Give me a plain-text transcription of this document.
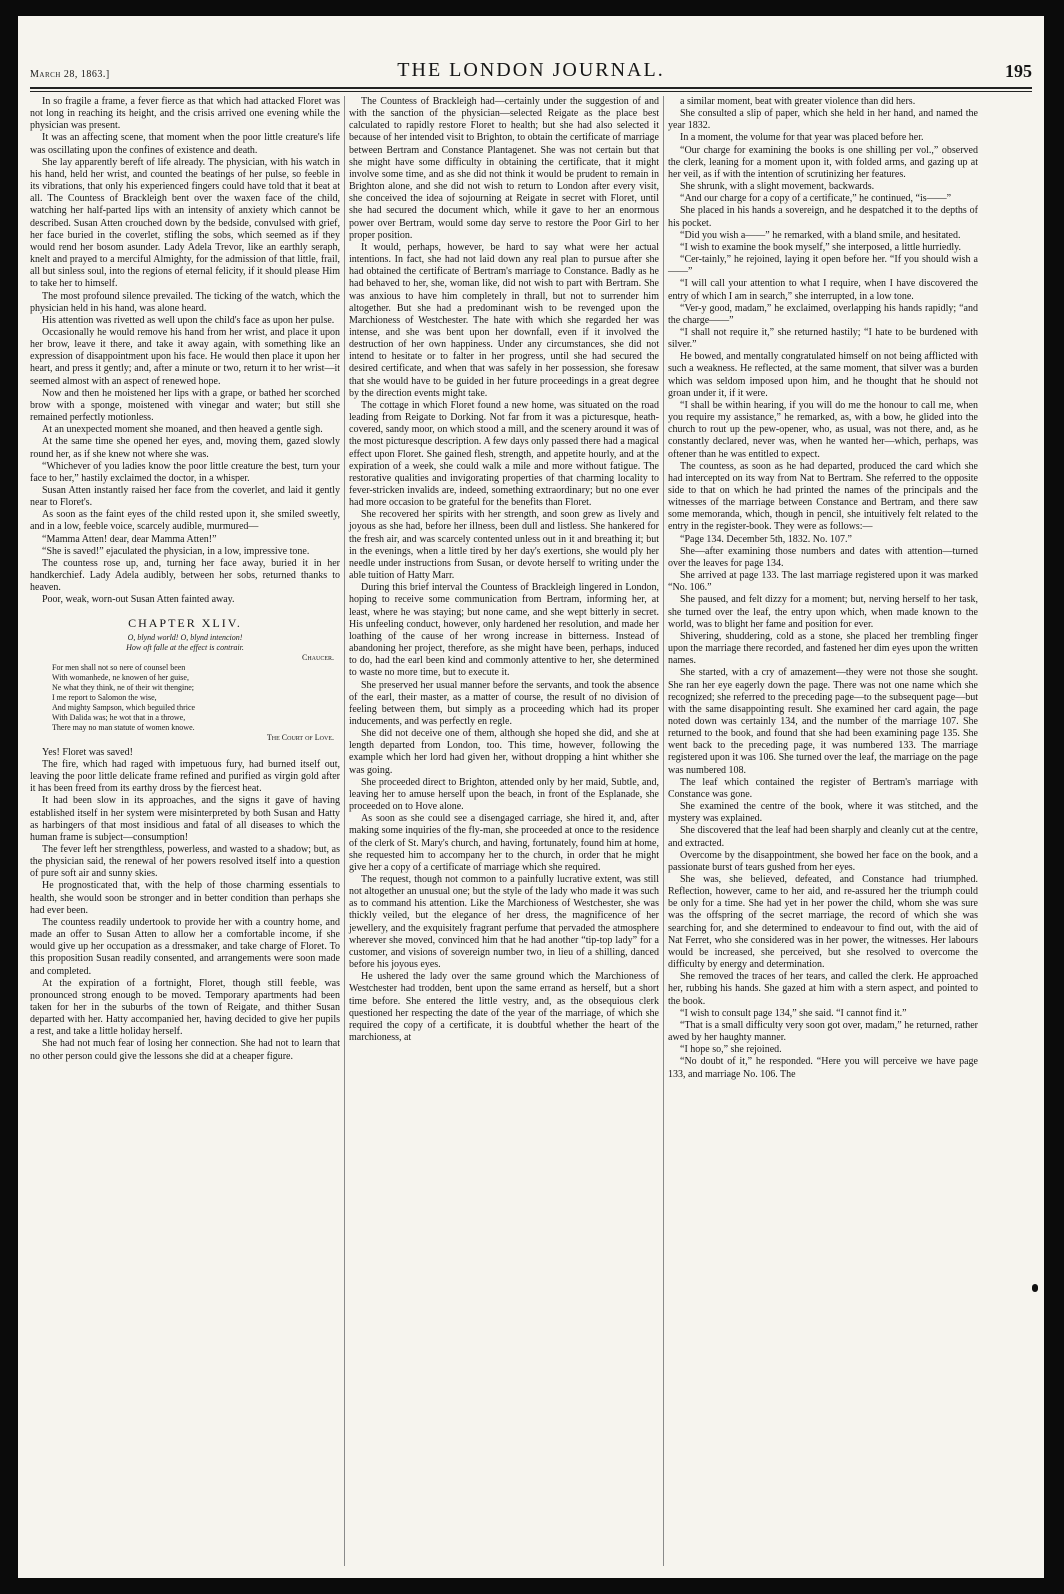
March 28, 1863.]	THE LONDON JOURNAL.	195

In so fragile a frame, a fever fierce as that which had attacked Floret was not long in reaching its height, and the crisis arrived one evening while the physician was present.

It was an affecting scene, that moment when the poor little creature's life was oscillating upon the confines of existence and death.

She lay apparently bereft of life already. The physician, with his watch in his hand, held her wrist, and counted the beatings of her pulse, so feeble in its vibrations, that only his experienced fingers could have told that it beat at all. The Countess of Brackleigh bent over the waxen face of the child, watching her half-parted lips with an intensity of anxiety which cannot be described. Susan Atten crouched down by the bedside, convulsed with grief, her face buried in the coverlet, stifling the sobs, which seemed as if they would rend her bosom asunder. Lady Adela Trevor, like an earthly seraph, knelt and prayed to a merciful Almighty, for the admission of that little, frail, all but sinless soul, into the regions of eternal felicity, if it should please Him to take her to himself.

The most profound silence prevailed. The ticking of the watch, which the physician held in his hand, was alone heard.

His attention was rivetted as well upon the child's face as upon her pulse.

Occasionally he would remove his hand from her wrist, and place it upon her brow, leave it there, and take it away again, with something like an expression of disappointment upon his face. He would then place it upon her heart, and press it gently; and, after a minute or two, return it to her wrist—it seemed almost with an aspect of renewed hope.

Now and then he moistened her lips with a grape, or bathed her scorched brow with a sponge, moistened with vinegar and water; but still she remained perfectly motionless.

At an unexpected moment she moaned, and then heaved a gentle sigh.

At the same time she opened her eyes, and, moving them, gazed slowly round her, as if she knew not where she was.

“Whichever of you ladies know the poor little creature the best, turn your face to her,” hastily exclaimed the doctor, in a whisper.

Susan Atten instantly raised her face from the coverlet, and laid it gently near to Floret's.

As soon as the faint eyes of the child rested upon it, she smiled sweetly, and in a low, feeble voice, scarcely audible, murmured—

“Mamma Atten! dear, dear Mamma Atten!”

“She is saved!” ejaculated the physician, in a low, impressive tone.

The countess rose up, and, turning her face away, buried it in her handkerchief. Lady Adela audibly, between her sobs, returned thanks to heaven.

Poor, weak, worn-out Susan Atten fainted away.

CHAPTER XLIV.

O, blynd world! O, blynd intencion!
How oft falle at the effect is contrair.
Chaucer.
For men shall not so nere of counsel been
With womanhede, ne knowen of her guise,
Ne what they think, ne of their wit thengine;
I me report to Salomon the wise,
And mighty Sampson, which beguiled thrice
With Dalida was; he wot that in a throwe,
There may no man statute of women knowe.
The Court of Love.

Yes! Floret was saved!

The fire, which had raged with impetuous fury, had burned itself out, leaving the poor little delicate frame refined and purified as virgin gold after it has been freed from its earthy dross by the fiercest heat.

It had been slow in its approaches, and the signs it gave of having established itself in her system were misinterpreted by both Susan and Hatty as harbingers of that most insidious and fatal of all diseases to which the human frame is subject—consumption!

The fever left her strengthless, powerless, and wasted to a shadow; but, as the physician said, the renewal of her powers resolved itself into a question of pure soft air and sunny skies.

He prognosticated that, with the help of those charming essentials to health, she would soon be stronger and in better condition than perhaps she had ever been.

The countess readily undertook to provide her with a country home, and made an offer to Susan Atten to allow her a comfortable income, if she would give up her occupation as a dressmaker, and take charge of Floret. To this proposition Susan readily consented, and arrangements were soon made and completed.

At the expiration of a fortnight, Floret, though still feeble, was pronounced strong enough to be moved. Temporary apartments had been taken for her in the suburbs of the town of Reigate, and thither Susan departed with her. Hatty accompanied her, having decided to give her pupils a rest, and take a little holiday herself.

She had not much fear of losing her connection. She had not to learn that no other person could give the lessons she did at a cheaper figure.

The Countess of Brackleigh had—certainly under the suggestion of and with the sanction of the physician—selected Reigate as the place best calculated to rapidly restore Floret to health; but she had also selected it because of her intended visit to Brighton, to obtain the certificate of marriage between Bertram and Constance Plantagenet. She was not certain but that she might have some difficulty in obtaining the certificate, that it might involve some time, and as she did not think it would be prudent to remain in Brighton alone, and she did not wish to return to London after every visit, she conceived the idea of sojourning at Reigate in secret with Floret, until she had secured the document which, while it gave to her an enormous power over Bertram, would some day serve to restore the Poor Girl to her proper position.

It would, perhaps, however, be hard to say what were her actual intentions. In fact, she had not laid down any real plan to pursue after she had obtained the certificate of Bertram's marriage to Constance. Badly as he had behaved to her, she, woman like, did not wish to part with Bertram. She was anxious to have him completely in thrall, but not to surrender him altogether. But she had a predominant wish to be revenged upon the Marchioness of Westchester. The hate with which she regarded her was intense, and she was bent upon her downfall, even if it involved the destruction of her own happiness. Under any circumstances, she did not intend to hesitate or to falter in her progress, until she had secured the desired certificate, and when that was safely in her possession, she foresaw that she would have to be guided in her future proceedings in a great degree by the direction events might take.

The cottage in which Floret found a new home, was situated on the road leading from Reigate to Dorking. Not far from it was a picturesque, heath-covered, sandy moor, on which stood a mill, and the scenery around it was of the most picturesque description. A few days only passed there had a magical effect upon Floret. She gained flesh, strength, and appetite hourly, and at the expiration of a week, she could walk a mile and more without fatigue. The restorative qualities and invigorating properties of that charming locality to fever-stricken invalids are, indeed, something extraordinary; but no one ever had more occasion to be grateful for the benefits than Floret.

She recovered her spirits with her strength, and soon grew as lively and joyous as she had, before her illness, been dull and listless. She hankered for the fresh air, and was scarcely contented unless out in it and breathing it; but in the evenings, when a little tired by her day's exertions, she would ply her needle under instructions from Susan, or devote herself to writing under the able tuition of Hatty Marr.

During this brief interval the Countess of Brackleigh lingered in London, hoping to receive some communication from Bertram, informing her, at least, where he was staying; but none came, and she wept bitterly in secret. His unfeeling conduct, however, only hardened her resolution, and made her loathing of the cause of her wrong increase in bitterness. Instead of abandoning her project, therefore, as she might have been, perhaps, induced to do, had the earl been kind and commonly attentive to her, she determined to waste no more time, but to execute it.

She preserved her usual manner before the servants, and took the absence of the earl, their master, as a matter of course, the result of no division of feeling between them, but simply as a proceeding which had its proper inducements, and was perfectly en regle.

She did not deceive one of them, although she hoped she did, and she at length departed from London, too. This time, however, following the example which her lord had given her, without dropping a hint whither she was going.

She proceeded direct to Brighton, attended only by her maid, Subtle, and, leaving her to amuse herself upon the beach, in front of the Esplanade, she proceeded on to Hove alone.

As soon as she could see a disengaged carriage, she hired it, and, after making some inquiries of the fly-man, she proceeded at once to the residence of the clerk of St. Mary's church, and having, fortunately, found him at home, she requested him to accompany her to the church, in order that he might give her a copy of a certificate of marriage which she required.

The request, though not common to a painfully lucrative extent, was still not altogether an unusual one; but the style of the lady who made it was such as to command his attention. Like the Marchioness of Westchester, she was thickly veiled, but the elegance of her dress, the magnificence of her jewellery, and the exquisitely fragrant perfume that pervaded the atmosphere wherever she moved, convinced him that he had another “tip-top lady” for a customer, and visions of sovereign number two, in lieu of a shilling, danced before his joyous eyes.

He ushered the lady over the same ground which the Marchioness of Westchester had trodden, bent upon the same errand as herself, but a short time before. She entered the little vestry, and, as the obsequious clerk questioned her respecting the date of the year of the marriage, of which she required the copy of a certificate, it is doubtful whether the heart of the marchioness, at

a similar moment, beat with greater violence than did hers.

She consulted a slip of paper, which she held in her hand, and named the year 1832.

In a moment, the volume for that year was placed before her.

“Our charge for examining the books is one shilling per vol.,” observed the clerk, leaning for a moment upon it, with folded arms, and gazing up at her veil, as if with the intention of scrutinizing her features.

She shrunk, with a slight movement, backwards.

“And our charge for a copy of a certificate,” he continued, “is——”

She placed in his hands a sovereign, and he despatched it to the depths of his pocket.

“Did you wish a——” he remarked, with a bland smile, and hesitated.

“I wish to examine the book myself,” she interposed, a little hurriedly.

“Cer-tainly,” he rejoined, laying it open before her. “If you should wish a——”

“I will call your attention to what I require, when I have discovered the entry of which I am in search,” she interrupted, in a low tone.

“Ver-y good, madam,” he exclaimed, overlapping his hands rapidly; “and the charge——”

“I shall not require it,” she returned hastily; “I hate to be burdened with silver.”

He bowed, and mentally congratulated himself on not being afflicted with such a weakness. He reflected, at the same moment, that silver was a burden which was seldom imposed upon him, and he thought that he should not groan under it, if it were.

“I shall be within hearing, if you will do me the honour to call me, when you require my assistance,” he remarked, as, with a bow, he glided into the church to rout up the pew-opener, who, as usual, was not there, and, as he constantly declared, never was, when he wanted her—which, perhaps, was oftener than he was entitled to expect.

The countess, as soon as he had departed, produced the card which she had intercepted on its way from Nat to Bertram. She referred to the opposite side to that on which he had printed the names of the principals and the witnesses of the marriage between Constance and Bertram, and there saw some memoranda, which, though in pencil, she intuitively felt related to the entry in the register-book. They were as follows:—

“Page 134. December 5th, 1832. No. 107.”

She—after examining those numbers and dates with attention—turned over the leaves for page 134.

She arrived at page 133. The last marriage registered upon it was marked “No. 106.”

She paused, and felt dizzy for a moment; but, nerving herself to her task, she turned over the leaf, the entry upon which, when made known to the world, was to blight her fame and position for ever.

Shivering, shuddering, cold as a stone, she placed her trembling finger upon the marriage there recorded, and fastened her dim eyes upon the written names.

She started, with a cry of amazement—they were not those she sought. She ran her eye eagerly down the page. There was not one name which she recognized; she referred to the preceding page—to the subsequent page—but with the same disappointing result. She examined her card again, the page noted down was certainly 134, and the number of the marriage 107. She returned to the book, and found that she had been examining page 135. She went back to the preceding page, it was numbered 133. The marriage registered upon it was 106. She turned over the leaf, the marriage on the page was numbered 108.

The leaf which contained the register of Bertram's marriage with Constance was gone.

She examined the centre of the book, where it was stitched, and the mystery was explained.

She discovered that the leaf had been sharply and cleanly cut at the centre, and extracted.

Overcome by the disappointment, she bowed her face on the book, and a passionate burst of tears gushed from her eyes.

She was, she believed, defeated, and Constance had triumphed. Reflection, however, came to her aid, and re-assured her the triumph could be only for a time. She had yet in her power the child, whom she was sure was the offspring of the secret marriage, the record of which she was searching for, and she determined to endeavour to find out, with the aid of Nat Ferret, who she considered was in her power, the witnesses. Her labours would be increased, she perceived, but she resolved to overcome the difficulty by energy and determination.

She removed the traces of her tears, and called the clerk. He approached her, rubbing his hands. She gazed at him with a stern aspect, and pointed to the book.

“I wish to consult page 134,” she said. “I cannot find it.”

“That is a small difficulty very soon got over, madam,” he returned, rather awed by her haughty manner.

“I hope so,” she rejoined.

“No doubt of it,” he responded. “Here you will perceive we have page 133, and marriage No. 106. The
